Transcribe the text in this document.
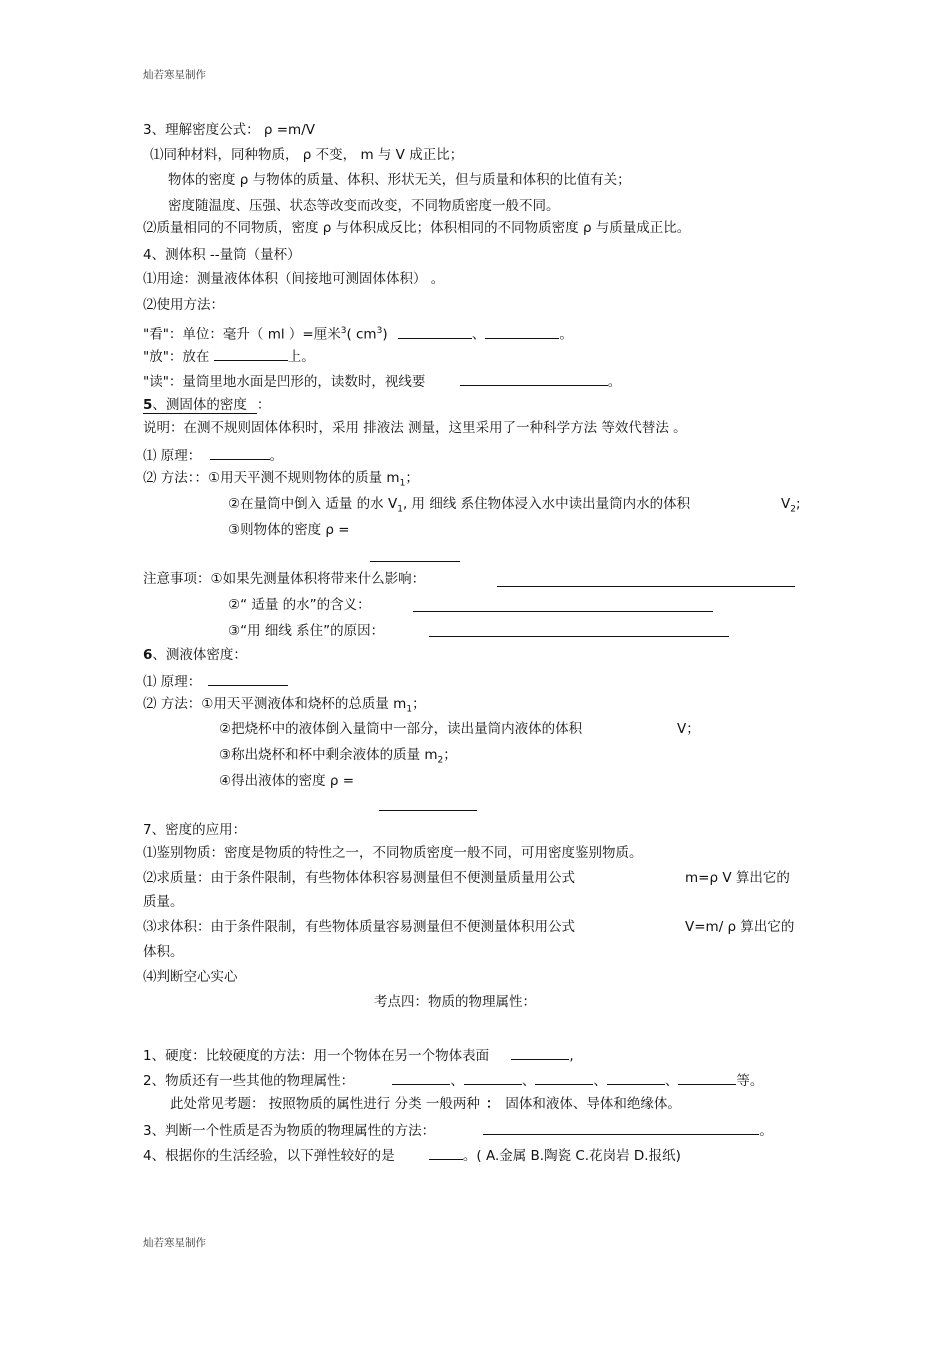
灿若寒星制作
灿若寒星制作
3、理解密度公式： ρ =m/V
⑴同种材料，同种物质， ρ 不变， m 与 V 成正比；
物体的密度 ρ 与物体的质量、体积、形状无关，但与质量和体积的比值有关；
密度随温度、压强、状态等改变而改变，不同物质密度一般不同。
⑵质量相同的不同物质，密度 ρ 与体积成反比；体积相同的不同物质密度 ρ 与质量成正比。
4、测体积 --量筒（量杯）
⑴用途：测量液体体积（间接地可测固体体积） 。
⑵使用方法：
"看"：单位：毫升（ ml ）=厘米$^3$( $cm^3$)	、	。
"放"：放在	上。
"读"：量筒里地水面是凹形的，读数时，视线要	。
5、测固体的密度 ：
说明：在测不规则固体体积时，采用 排液法 测量，这里采用了一种科学方法 等效代替法 。
⑴ 原理：	。
⑵ 方法：：①用天平测不规则物体的质量 $m_1$；
②在量筒中倒入 适量 的水 $V_1$, 用 细线 系住物体浸入水中读出量筒内水的体积	$V_2$;
③则物体的密度 ρ =
注意事项：①如果先测量体积将带来什么影响：
②“ 适量 的水”的含义：
③“用 细线 系住”的原因：
6、测液体密度：
⑴ 原理：
⑵ 方法：①用天平测液体和烧杯的总质量 $m_1$；
②把烧杯中的液体倒入量筒中一部分，读出量筒内液体的体积	V；
③称出烧杯和杯中剩余液体的质量 $m_2$；
④得出液体的密度 ρ =
7、密度的应用：
⑴鉴别物质：密度是物质的特性之一，不同物质密度一般不同，可用密度鉴别物质。
⑵求质量：由于条件限制，有些物体体积容易测量但不便测量质量用公式	m=ρ V 算出它的
质量。
⑶求体积：由于条件限制，有些物体质量容易测量但不便测量体积用公式	V=m/ ρ 算出它的
体积。
⑷判断空心实心
考点四：物质的物理属性：
1、硬度：比较硬度的方法：用一个物体在另一个物体表面	,
2、物质还有一些其他的物理属性：	、	、	、	、	等。
此处常见考题： 按照物质的属性进行 分类 一般两种 ： 固体和液体、导体和绝缘体。
3、判断一个性质是否为物质的物理属性的方法：	。
4、根据你的生活经验，以下弹性较好的是	。( A.金属 B.陶瓷 C.花岗岩 D.报纸)
